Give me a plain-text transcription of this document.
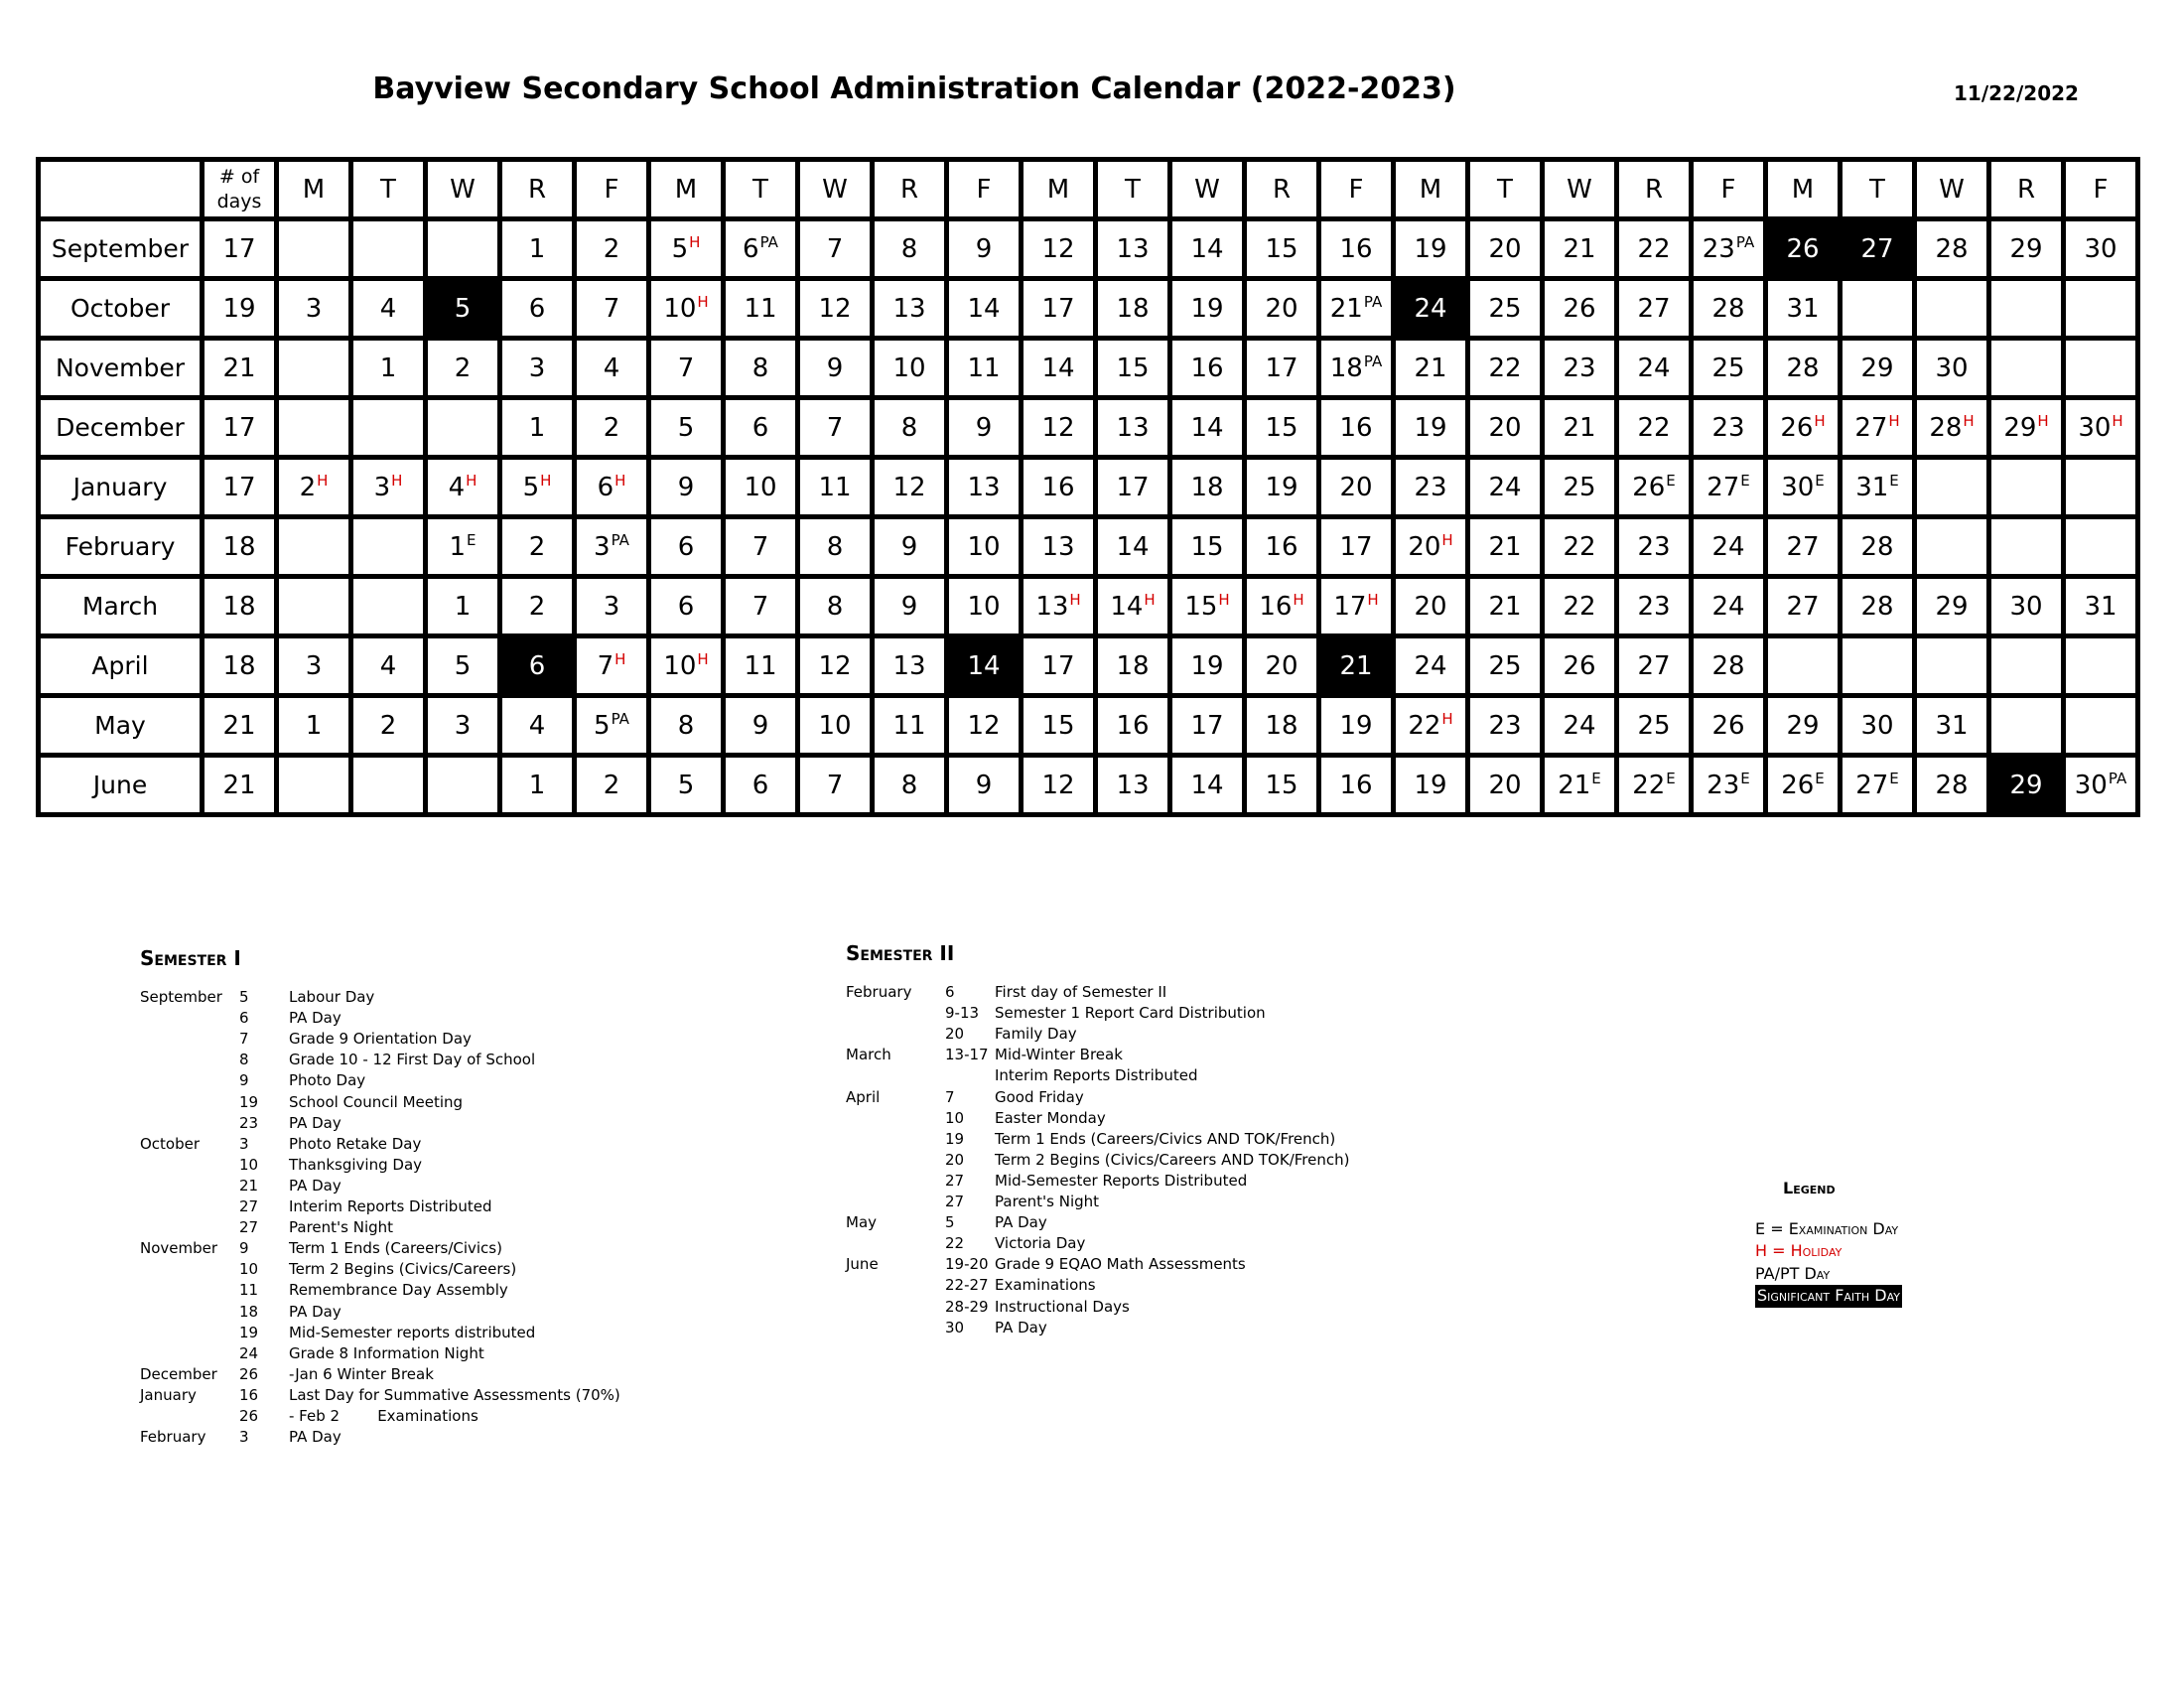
Bayview Secondary School Administration Calendar (2022-2023)	11/22/2022
	# of days	M	T	W	R	F	M	T	W	R	F	M	T	W	R	F	M	T	W	R	F	M	T	W	R	F
September	17				1	2	$5^H$	$6^{PA}$	7	8	9	12	13	14	15	16	19	20	21	22	$23^{PA}$	26	27	28	29	30
October	19	3	4	5	6	7	$10^H$	11	12	13	14	17	18	19	20	$21^{PA}$	24	25	26	27	28	31				
November	21		1	2	3	4	7	8	9	10	11	14	15	16	17	$18^{PA}$	21	22	23	24	25	28	29	30		
December	17				1	2	5	6	7	8	9	12	13	14	15	16	19	20	21	22	23	$26^H$	$27^H$	$28^H$	$29^H$	$30^H$
January	17	$2^H$	$3^H$	$4^H$	$5^H$	$6^H$	9	10	11	12	13	16	17	18	19	20	23	24	25	$26^E$	$27^E$	$30^E$	$31^E$			
February	18			$1^E$	2	$3^{PA}$	6	7	8	9	10	13	14	15	16	17	$20^H$	21	22	23	24	27	28			
March	18			1	2	3	6	7	8	9	10	$13^H$	$14^H$	$15^H$	$16^H$	$17^H$	20	21	22	23	24	27	28	29	30	31
April	18	3	4	5	6	$7^H$	$10^H$	11	12	13	14	17	18	19	20	21	24	25	26	27	28					
May	21	1	2	3	4	$5^{PA}$	8	9	10	11	12	15	16	17	18	19	$22^H$	23	24	25	26	29	30	31		
June	21				1	2	5	6	7	8	9	12	13	14	15	16	19	20	$21^E$	$22^E$	$23^E$	$26^E$	$27^E$	28	29	$30^{PA}$
Semester I
September	5	Labour Day
6	PA Day
7	Grade 9 Orientation Day
8	Grade 10 - 12 First Day of School
9	Photo Day
19	School Council Meeting
23	PA Day
October	3	Photo Retake Day
10	Thanksgiving Day
21	PA Day
27	Interim Reports Distributed
27	Parent's Night
November	9	Term 1 Ends (Careers/Civics)
10	Term 2 Begins (Civics/Careers)
11	Remembrance Day Assembly
18	PA Day
19	Mid-Semester reports distributed
24	Grade 8 Information Night
December	26	-Jan 6 Winter Break
January	16	Last Day for Summative Assessments (70%)
26	- Feb 2        Examinations
February	3	PA Day
Semester II
February	6	First day of Semester II
9-13	Semester 1 Report Card Distribution
20	Family Day
March	13-17 Mid-Winter Break
Interim Reports Distributed
April	7	Good Friday
10	Easter Monday
19	Term 1 Ends (Careers/Civics AND TOK/French)
20	Term 2 Begins (Civics/Careers AND TOK/French)
27	Mid-Semester Reports Distributed
27	Parent's Night
May	5	PA Day
22	Victoria Day
June	19-20 Grade 9 EQAO Math Assessments
22-27 Examinations
28-29 Instructional Days
30	PA Day
Legend
E = Examination Day
H = Holiday
PA/PT Day
Significant Faith Day
